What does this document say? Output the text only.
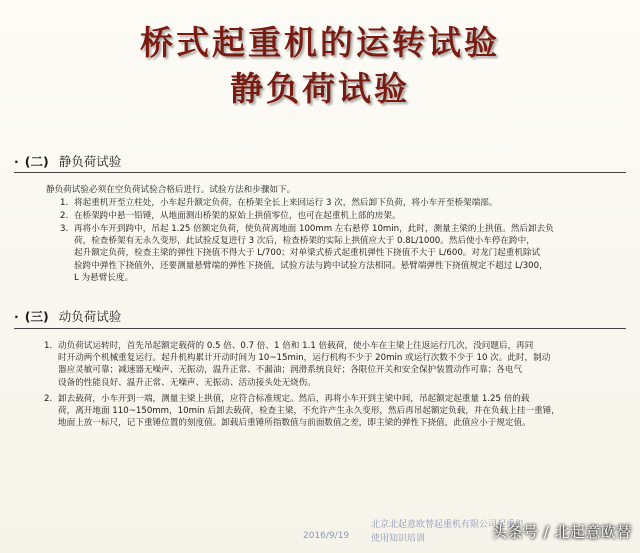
桥式起重机的运转试验
静负荷试验
· (二) 静负荷试验
静负荷试验必须在空负荷试验合格后进行。试验方法和步骤如下。
1. 将起重机开至立柱处，小车起升额定负荷，在桥架全长上来回运行 3 次，然后卸下负荷，将小车开至桥架端部。
2. 在桥架跨中悬一铅锤，从地面测出桥架的原始上拱值零位，也可在起重机上部的房架。
3. 再将小车开到跨中，吊起 1.25 倍额定负荷，使负荷离地面 100mm 左右悬停 10min，此时，测量主梁的上拱值。然后卸去负
荷，检查桥架有无永久变形，此试验反复进行 3 次后，检查桥架的实际上拱值应大于 0.8L/1000。然后使小车停在跨中，
起升额定负荷，检查主梁的弹性下挠值不得大于 L/700；对单梁式桥式起重机弹性下挠值不大于 L/600。对龙门起重机除试
验跨中弹性下挠值外，还要测量悬臂端的弹性下挠值，试验方法与跨中试验方法相同。悬臂端弹性下挠值规定不超过 L/300，
L 为悬臂长度。
· (三) 动负荷试验
1. 动负荷试运转时，首先吊起额定载荷的 0.5 倍、0.7 倍、1 倍和 1.1 倍载荷，使小车在主梁上往返运行几次，没问题后，再同
时开动两个机械重复运行。起升机构累计开动时间为 10~15min，运行机构不少于 20min 或运行次数不少于 10 次。此时，制动
器应灵敏可靠；减速器无噪声、无振动，温升正常、不漏油；润滑系统良好；各限位开关和安全保护装置动作可靠；各电气
设备的性能良好、温升正常、无噪声、无振动、活动接头处无烧伤。
2. 卸去载荷，小车开到一端，测量主梁上拱值，应符合标准规定。然后，再将小车开到主梁中间，吊起额定起重量 1.25 倍的载
荷，离开地面 110~150mm，10min 后卸去载荷，检查主梁，不允许产生永久变形，然后再吊起额定负载，并在负载上挂一重锤，
地面上放一标尺，记下重锤位置的刻度值。卸载后重锤所指数值与前面数值之差，即主梁的弹性下挠值，此值应小于规定值。
2016/9/19
北京北起意欧替起重机有限公司起重机
使用知识培训	头条号 / 北起意欧替
